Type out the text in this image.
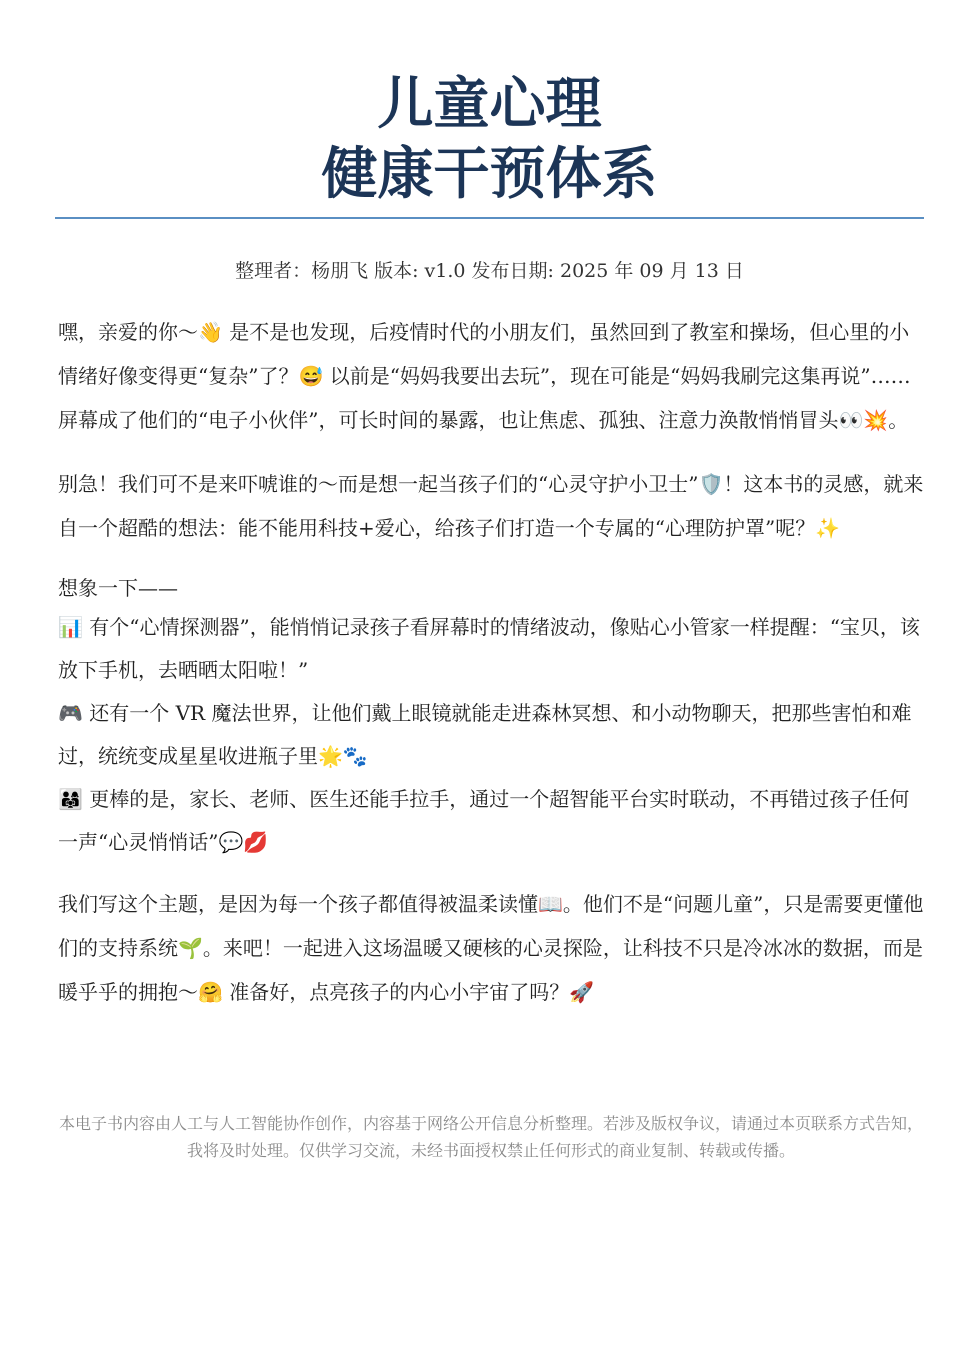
儿童心理
健康干预体系
整理者：杨朋飞 版本: v1.0 发布日期: 2025 年 09 月 13 日

嘿，亲爱的你～👋 是不是也发现，后疫情时代的小朋友们，虽然回到了教室和操场，但心里的小情绪好像变得更“复杂”了？😅 以前是“妈妈我要出去玩”，现在可能是“妈妈我刷完这集再说”……屏幕成了他们的“电子小伙伴”，可长时间的暴露，也让焦虑、孤独、注意力涣散悄悄冒头👀💥。

别急！我们可不是来吓唬谁的～而是想一起当孩子们的“心灵守护小卫士”🛡️！这本书的灵感，就来自一个超酷的想法：能不能用科技+爱心，给孩子们打造一个专属的“心理防护罩”呢？✨

想象一下——
📊 有个“心情探测器”，能悄悄记录孩子看屏幕时的情绪波动，像贴心小管家一样提醒：“宝贝，该放下手机，去晒晒太阳啦！”
🎮 还有一个 VR 魔法世界，让他们戴上眼镜就能走进森林冥想、和小动物聊天，把那些害怕和难过，统统变成星星收进瓶子里🌟🐾
👨‍👩‍👧 更棒的是，家长、老师、医生还能手拉手，通过一个超智能平台实时联动，不再错过孩子任何一声“心灵悄悄话”💬💋

我们写这个主题，是因为每一个孩子都值得被温柔读懂📖。他们不是“问题儿童”，只是需要更懂他们的支持系统🌱。来吧！一起进入这场温暖又硬核的心灵探险，让科技不只是冷冰冰的数据，而是暖乎乎的拥抱～🤗 准备好，点亮孩子的内心小宇宙了吗？🚀

本电子书内容由人工与人工智能协作创作，内容基于网络公开信息分析整理。若涉及版权争议，请通过本页联系方式告知，我将及时处理。仅供学习交流，未经书面授权禁止任何形式的商业复制、转载或传播。
